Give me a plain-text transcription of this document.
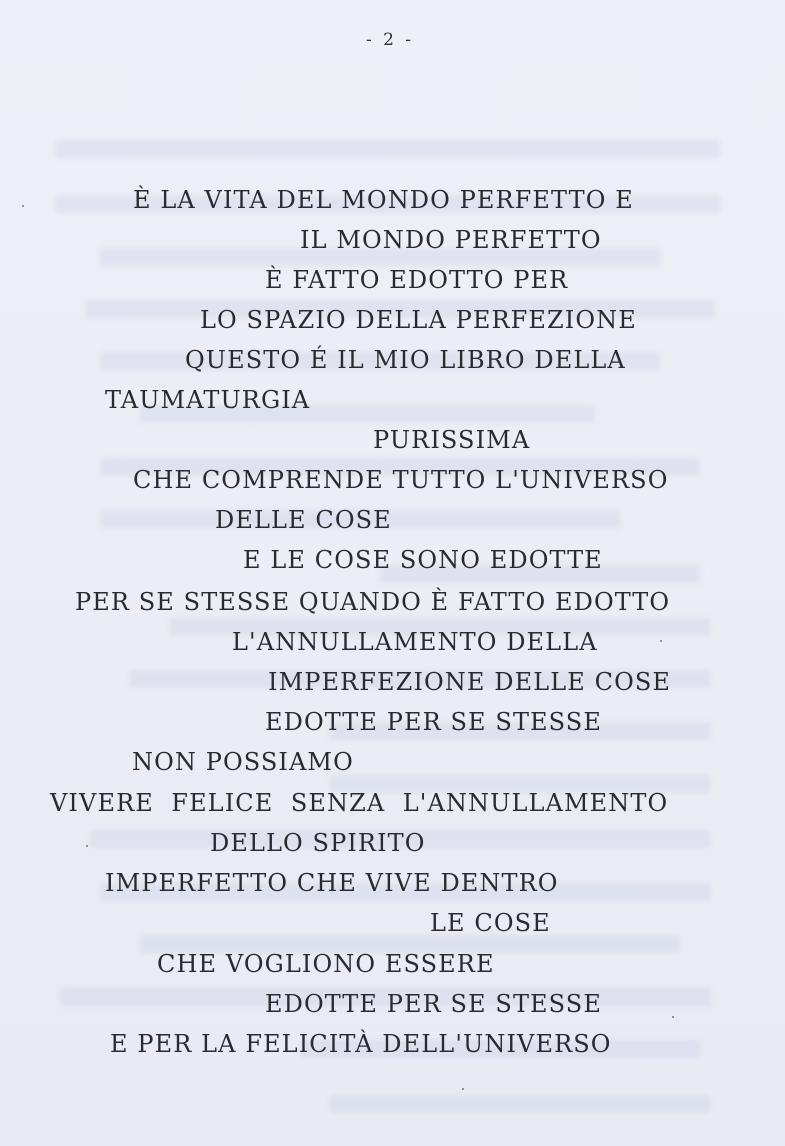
- 2 -
È LA VITA DEL MONDO PERFETTO E
IL MONDO PERFETTO
È FATTO EDOTTO PER
LO SPAZIO DELLA PERFEZIONE
QUESTO É IL MIO LIBRO DELLA
TAUMATURGIA
PURISSIMA
CHE COMPRENDE TUTTO L'UNIVERSO
DELLE COSE
E LE COSE SONO EDOTTE
PER SE STESSE QUANDO È FATTO EDOTTO
L'ANNULLAMENTO DELLA
IMPERFEZIONE DELLE COSE
EDOTTE PER SE STESSE
NON POSSIAMO
VIVERE  FELICE  SENZA  L'ANNULLAMENTO
DELLO SPIRITO
IMPERFETTO CHE VIVE DENTRO
LE COSE
CHE VOGLIONO ESSERE
EDOTTE PER SE STESSE
E PER LA FELICITÀ DELL'UNIVERSO
